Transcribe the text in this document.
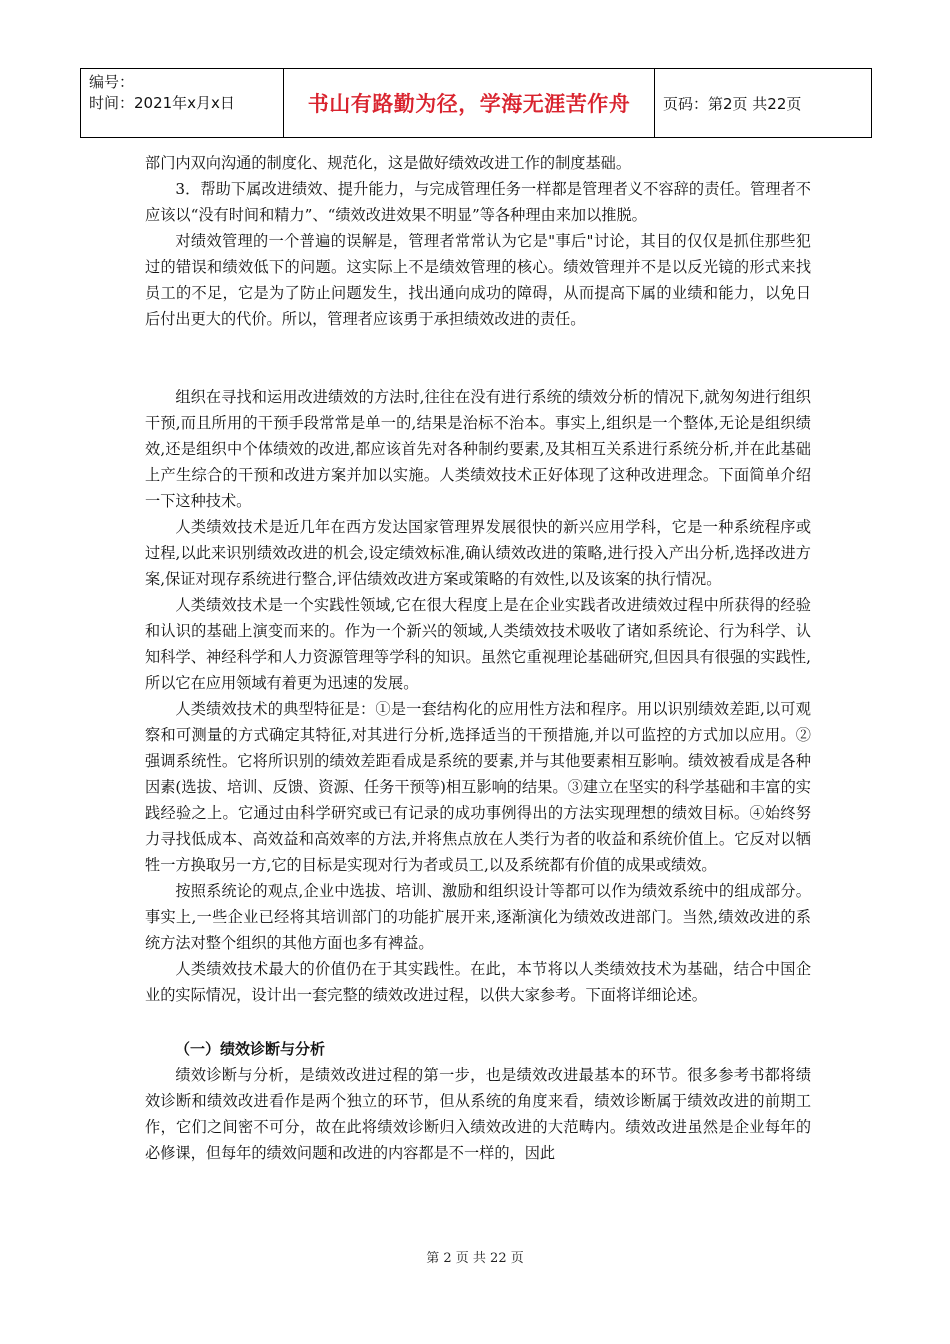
编号：
时间：2021年x月x日	书山有路勤为径，学海无涯苦作舟	页码：第2页 共22页

部门内双向沟通的制度化、规范化，这是做好绩效改进工作的制度基础。

3．帮助下属改进绩效、提升能力，与完成管理任务一样都是管理者义不容辞的责任。管理者不应该以“没有时间和精力”、“绩效改进效果不明显”等各种理由来加以推脱。

对绩效管理的一个普遍的误解是，管理者常常认为它是"事后"讨论，其目的仅仅是抓住那些犯过的错误和绩效低下的问题。这实际上不是绩效管理的核心。绩效管理并不是以反光镜的形式来找员工的不足，它是为了防止问题发生，找出通向成功的障碍，从而提高下属的业绩和能力，以免日后付出更大的代价。所以，管理者应该勇于承担绩效改进的责任。

组织在寻找和运用改进绩效的方法时,往往在没有进行系统的绩效分析的情况下,就匆匆进行组织干预,而且所用的干预手段常常是单一的,结果是治标不治本。事实上,组织是一个整体,无论是组织绩效,还是组织中个体绩效的改进,都应该首先对各种制约要素,及其相互关系进行系统分析,并在此基础上产生综合的干预和改进方案并加以实施。人类绩效技术正好体现了这种改进理念。下面简单介绍一下这种技术。

人类绩效技术是近几年在西方发达国家管理界发展很快的新兴应用学科，它是一种系统程序或过程,以此来识别绩效改进的机会,设定绩效标准,确认绩效改进的策略,进行投入产出分析,选择改进方案,保证对现存系统进行整合,评估绩效改进方案或策略的有效性,以及该案的执行情况。

人类绩效技术是一个实践性领域,它在很大程度上是在企业实践者改进绩效过程中所获得的经验和认识的基础上演变而来的。作为一个新兴的领域,人类绩效技术吸收了诸如系统论、行为科学、认知科学、神经科学和人力资源管理等学科的知识。虽然它重视理论基础研究,但因具有很强的实践性,所以它在应用领域有着更为迅速的发展。

人类绩效技术的典型特征是：①是一套结构化的应用性方法和程序。用以识别绩效差距,以可观察和可测量的方式确定其特征,对其进行分析,选择适当的干预措施,并以可监控的方式加以应用。②强调系统性。它将所识别的绩效差距看成是系统的要素,并与其他要素相互影响。绩效被看成是各种因素(选拔、培训、反馈、资源、任务干预等)相互影响的结果。③建立在坚实的科学基础和丰富的实践经验之上。它通过由科学研究或已有记录的成功事例得出的方法实现理想的绩效目标。④始终努力寻找低成本、高效益和高效率的方法,并将焦点放在人类行为者的收益和系统价值上。它反对以牺牲一方换取另一方,它的目标是实现对行为者或员工,以及系统都有价值的成果或绩效。

按照系统论的观点,企业中选拔、培训、激励和组织设计等都可以作为绩效系统中的组成部分。事实上,一些企业已经将其培训部门的功能扩展开来,逐渐演化为绩效改进部门。当然,绩效改进的系统方法对整个组织的其他方面也多有裨益。

人类绩效技术最大的价值仍在于其实践性。在此，本节将以人类绩效技术为基础，结合中国企业的实际情况，设计出一套完整的绩效改进过程，以供大家参考。下面将详细论述。

（一）绩效诊断与分析

绩效诊断与分析，是绩效改进过程的第一步，也是绩效改进最基本的环节。很多参考书都将绩效诊断和绩效改进看作是两个独立的环节，但从系统的角度来看，绩效诊断属于绩效改进的前期工作，它们之间密不可分，故在此将绩效诊断归入绩效改进的大范畴内。绩效改进虽然是企业每年的必修课，但每年的绩效问题和改进的内容都是不一样的，因此

第 2 页 共 22 页
